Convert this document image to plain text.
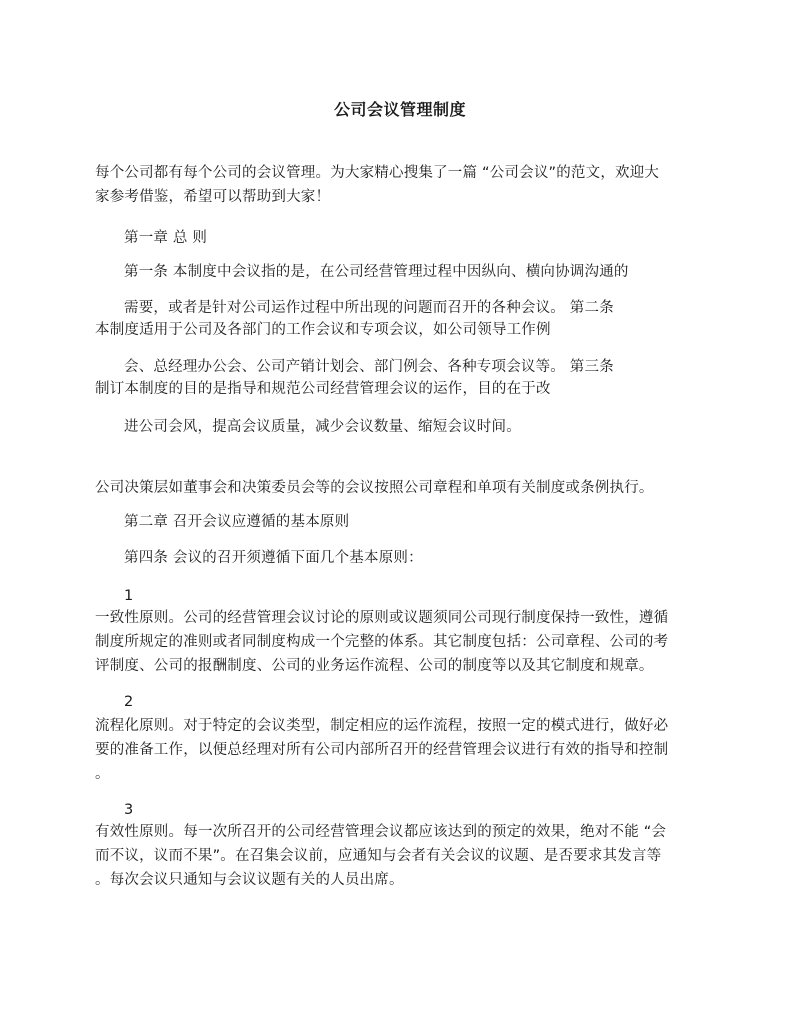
公司会议管理制度
每个公司都有每个公司的会议管理。为大家精心搜集了一篇 “公司会议”的范文，欢迎大
家参考借鉴，希望可以帮助到大家！
第一章 总 则
第一条 本制度中会议指的是，在公司经营管理过程中因纵向、横向协调沟通的
需要，或者是针对公司运作过程中所出现的问题而召开的各种会议。 第二条
本制度适用于公司及各部门的工作会议和专项会议，如公司领导工作例
会、总经理办公会、公司产销计划会、部门例会、各种专项会议等。 第三条
制订本制度的目的是指导和规范公司经营管理会议的运作，目的在于改
进公司会风，提高会议质量，减少会议数量、缩短会议时间。
公司决策层如董事会和决策委员会等的会议按照公司章程和单项有关制度或条例执行。
第二章 召开会议应遵循的基本原则
第四条 会议的召开须遵循下面几个基本原则：
1
一致性原则。公司的经营管理会议讨论的原则或议题须同公司现行制度保持一致性，遵循
制度所规定的准则或者同制度构成一个完整的体系。其它制度包括：公司章程、公司的考
评制度、公司的报酬制度、公司的业务运作流程、公司的制度等以及其它制度和规章。
2
流程化原则。对于特定的会议类型，制定相应的运作流程，按照一定的模式进行，做好必
要的准备工作，以便总经理对所有公司内部所召开的经营管理会议进行有效的指导和控制
。
3
有效性原则。每一次所召开的公司经营管理会议都应该达到的预定的效果，绝对不能 “会
而不议，议而不果”。在召集会议前，应通知与会者有关会议的议题、是否要求其发言等
。每次会议只通知与会议议题有关的人员出席。
